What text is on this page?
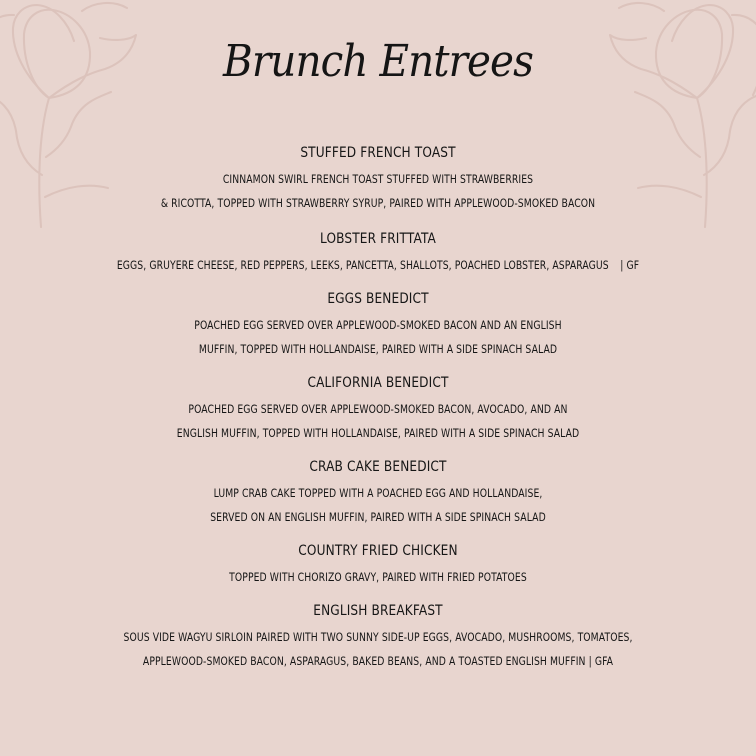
Brunch Entrees
STUFFED FRENCH TOAST
CINNAMON SWIRL FRENCH TOAST STUFFED WITH STRAWBERRIES
& RICOTTA, TOPPED WITH STRAWBERRY SYRUP, PAIRED WITH APPLEWOOD-SMOKED BACON
LOBSTER FRITTATA
EGGS, GRUYERE CHEESE, RED PEPPERS, LEEKS, PANCETTA, SHALLOTS, POACHED LOBSTER, ASPARAGUS | GF
EGGS BENEDICT
POACHED EGG SERVED OVER APPLEWOOD-SMOKED BACON AND AN ENGLISH
MUFFIN, TOPPED WITH HOLLANDAISE, PAIRED WITH A SIDE SPINACH SALAD
CALIFORNIA BENEDICT
POACHED EGG SERVED OVER APPLEWOOD-SMOKED BACON, AVOCADO, AND AN
ENGLISH MUFFIN, TOPPED WITH HOLLANDAISE, PAIRED WITH A SIDE SPINACH SALAD
CRAB CAKE BENEDICT
LUMP CRAB CAKE TOPPED WITH A POACHED EGG AND HOLLANDAISE,
SERVED ON AN ENGLISH MUFFIN, PAIRED WITH A SIDE SPINACH SALAD
COUNTRY FRIED CHICKEN
TOPPED WITH CHORIZO GRAVY, PAIRED WITH FRIED POTATOES
ENGLISH BREAKFAST
SOUS VIDE WAGYU SIRLOIN PAIRED WITH TWO SUNNY SIDE-UP EGGS, AVOCADO, MUSHROOMS, TOMATOES,
APPLEWOOD-SMOKED BACON, ASPARAGUS, BAKED BEANS, AND A TOASTED ENGLISH MUFFIN | GFA
